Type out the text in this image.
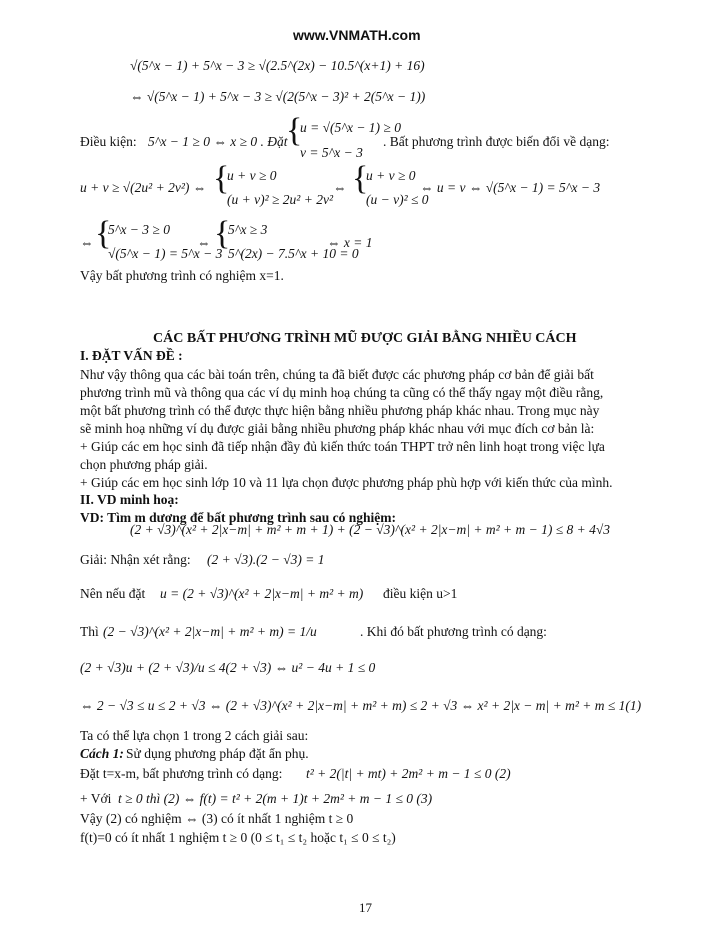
www.VNMATH.com
√(5^x − 1) + 5^x − 3 ≥ √(2.5^(2x) − 10.5^(x+1) + 16)
⇔ √(5^x − 1) + 5^x − 3 ≥ √(2(5^x − 3)² + 2(5^x − 1))
Điều kiện: 5^x − 1 ≥ 0 ⇔ x ≥ 0 . Đặt
{
u = √(5^x − 1) ≥ 0
v = 5^x − 3
. Bất phương trình được biến đổi về dạng:
u + v ≥ √(2u² + 2v²) ⇔ {
u + v ≥ 0
(u + v)² ≥ 2u² + 2v²
⇔ {
u + v ≥ 0
(u − v)² ≤ 0
⇔ u = v ⇔ √(5^x − 1) = 5^x − 3
⇔ {
5^x − 3 ≥ 0
√(5^x − 1) = 5^x − 3
⇔ {
5^x ≥ 3
5^(2x) − 7.5^x + 10 = 0
⇔ x = 1
Vậy bất phương trình có nghiệm x=1.
CÁC BẤT PHƯƠNG TRÌNH MŨ ĐƯỢC GIẢI BẰNG NHIỀU CÁCH
I. ĐẶT VẤN ĐỀ :
Như vậy thông qua các bài toán trên, chúng ta đã biết được các phương pháp cơ bản để giải bất
phương trình mũ và thông qua các ví dụ minh hoạ chúng ta cũng có thể thấy ngay một điều rằng,
một bất phương trình có thể được thực hiện bằng nhiều phương pháp khác nhau. Trong mục này
sẽ minh hoạ những ví dụ được giải bằng nhiều phương pháp khác nhau với mục đích cơ bản là:
+ Giúp các em học sinh đã tiếp nhận đầy đủ kiến thức toán THPT trở nên linh hoạt trong việc lựa
chọn phương pháp giải.
+ Giúp các em học sinh lớp 10 và 11 lựa chọn được phương pháp phù hợp với kiến thức của mình.
II. VD minh hoạ:
VD: Tìm m dương để bất phương trình sau có nghiệm:
(2 + √3)^(x² + 2|x−m| + m² + m + 1) + (2 − √3)^(x² + 2|x−m| + m² + m − 1) ≤ 8 + 4√3
Giải: Nhận xét rằng: (2 + √3).(2 − √3) = 1
Nên nếu đặt u = (2 + √3)^(x² + 2|x−m| + m² + m) điều kiện u>1
Thì (2 − √3)^(x² + 2|x−m| + m² + m) = 1/u	. Khi đó bất phương trình có dạng:
(2 + √3)u + (2 + √3)/u ≤ 4(2 + √3) ⇔ u² − 4u + 1 ≤ 0
⇔ 2 − √3 ≤ u ≤ 2 + √3 ⇔ (2 + √3)^(x² + 2|x−m| + m² + m) ≤ 2 + √3 ⇔ x² + 2|x − m| + m² + m ≤ 1(1)
Ta có thể lựa chọn 1 trong 2 cách giải sau:
Cách 1: Sử dụng phương pháp đặt ẩn phụ.
Đặt t=x-m, bất phương trình có dạng: t² + 2(|t| + mt) + 2m² + m − 1 ≤ 0 (2)
+ Với t ≥ 0 thì (2) ⇔ f(t) = t² + 2(m + 1)t + 2m² + m − 1 ≤ 0 (3)
Vậy (2) có nghiệm ⇔ (3) có ít nhất 1 nghiệm t ≥ 0
f(t)=0 có ít nhất 1 nghiệm t ≥ 0 (0 ≤ t₁ ≤ t₂ hoặc t₁ ≤ 0 ≤ t₂)
17
